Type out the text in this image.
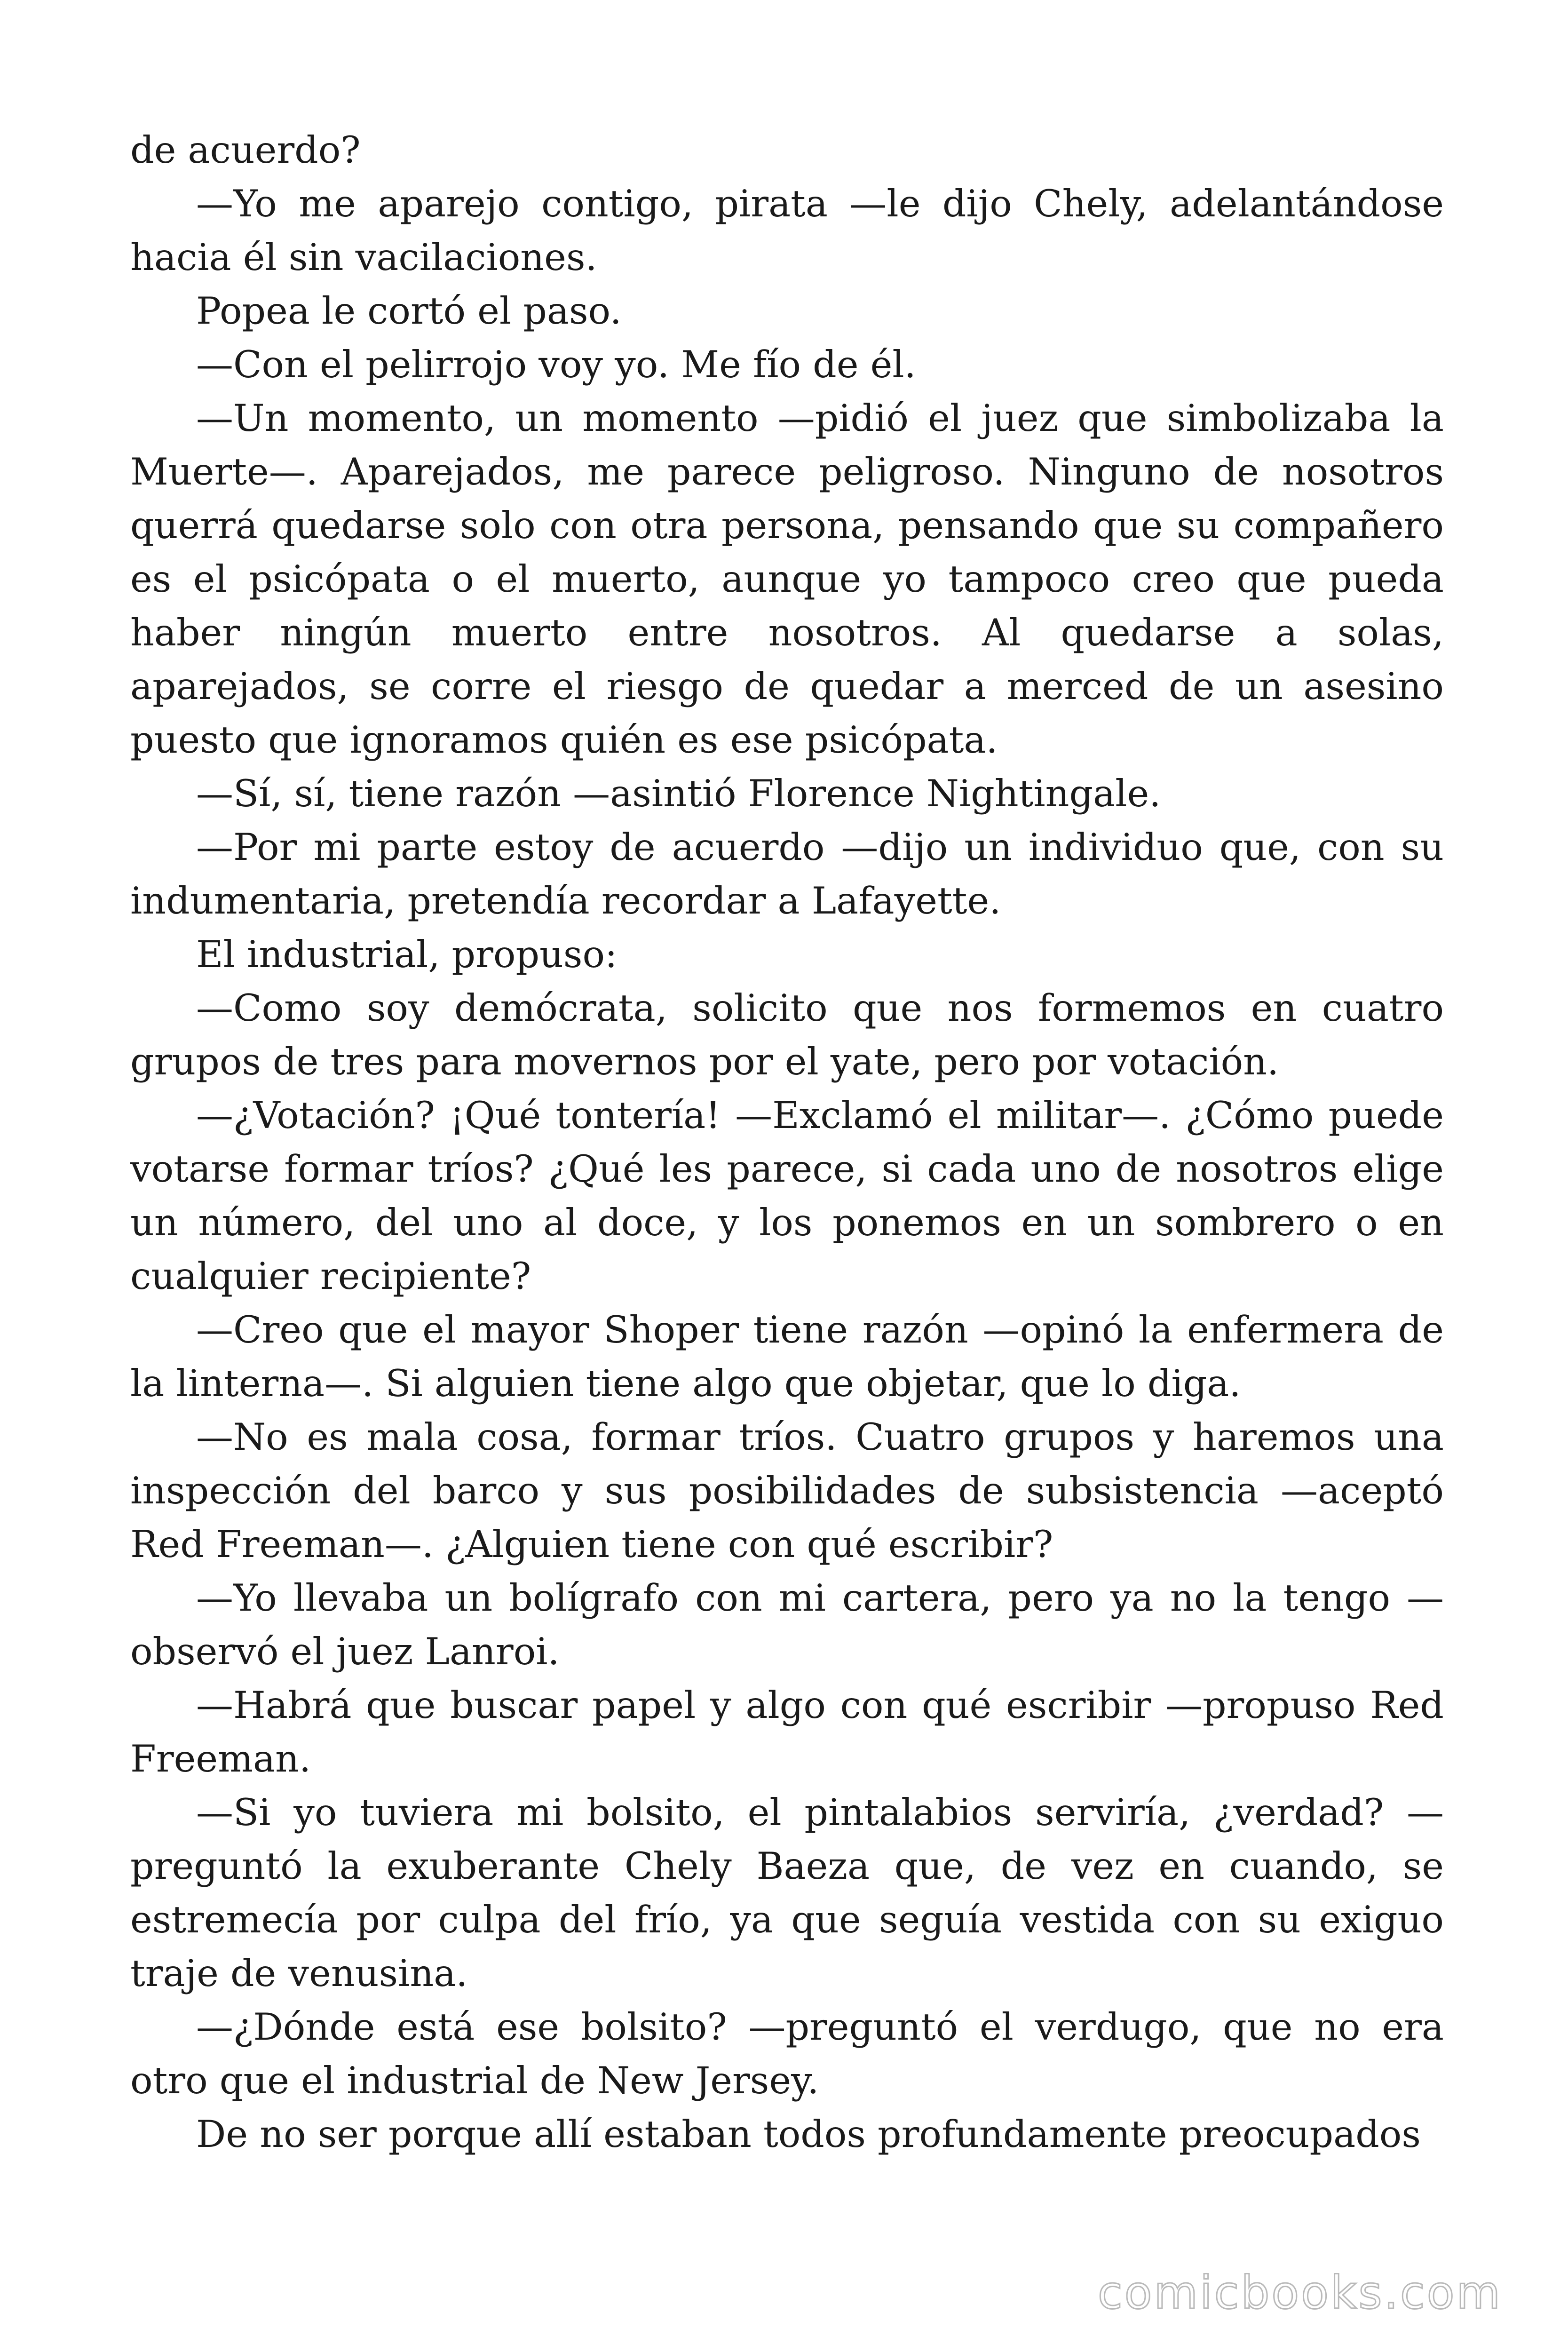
de acuerdo?

—Yo me aparejo contigo, pirata —le dijo Chely, adelantándose hacia él sin vacilaciones.

Popea le cortó el paso.

—Con el pelirrojo voy yo. Me fío de él.

—Un momento, un momento —pidió el juez que simbolizaba la Muerte—. Aparejados, me parece peligroso. Ninguno de nosotros querrá quedarse solo con otra persona, pensando que su compañero es el psicópata o el muerto, aunque yo tampoco creo que pueda haber ningún muerto entre nosotros. Al quedarse a solas, aparejados, se corre el riesgo de quedar a merced de un asesino puesto que ignoramos quién es ese psicópata.

—Sí, sí, tiene razón —asintió Florence Nightingale.

—Por mi parte estoy de acuerdo —dijo un individuo que, con su indumentaria, pretendía recordar a Lafayette.

El industrial, propuso:

—Como soy demócrata, solicito que nos formemos en cuatro grupos de tres para movernos por el yate, pero por votación.

—¿Votación? ¡Qué tontería! —Exclamó el militar—. ¿Cómo puede votarse formar tríos? ¿Qué les parece, si cada uno de nosotros elige un número, del uno al doce, y los ponemos en un sombrero o en cualquier recipiente?

—Creo que el mayor Shoper tiene razón —opinó la enfermera de la linterna—. Si alguien tiene algo que objetar, que lo diga.

—No es mala cosa, formar tríos. Cuatro grupos y haremos una inspección del barco y sus posibilidades de subsistencia —aceptó Red Freeman—. ¿Alguien tiene con qué escribir?

—Yo llevaba un bolígrafo con mi cartera, pero ya no la tengo — observó el juez Lanroi.

—Habrá que buscar papel y algo con qué escribir —propuso Red Freeman.

—Si yo tuviera mi bolsito, el pintalabios serviría, ¿verdad? — preguntó la exuberante Chely Baeza que, de vez en cuando, se estremecía por culpa del frío, ya que seguía vestida con su exiguo traje de venusina.

—¿Dónde está ese bolsito? —preguntó el verdugo, que no era otro que el industrial de New Jersey.

De no ser porque allí estaban todos profundamente preocupados

comicbooks.com
